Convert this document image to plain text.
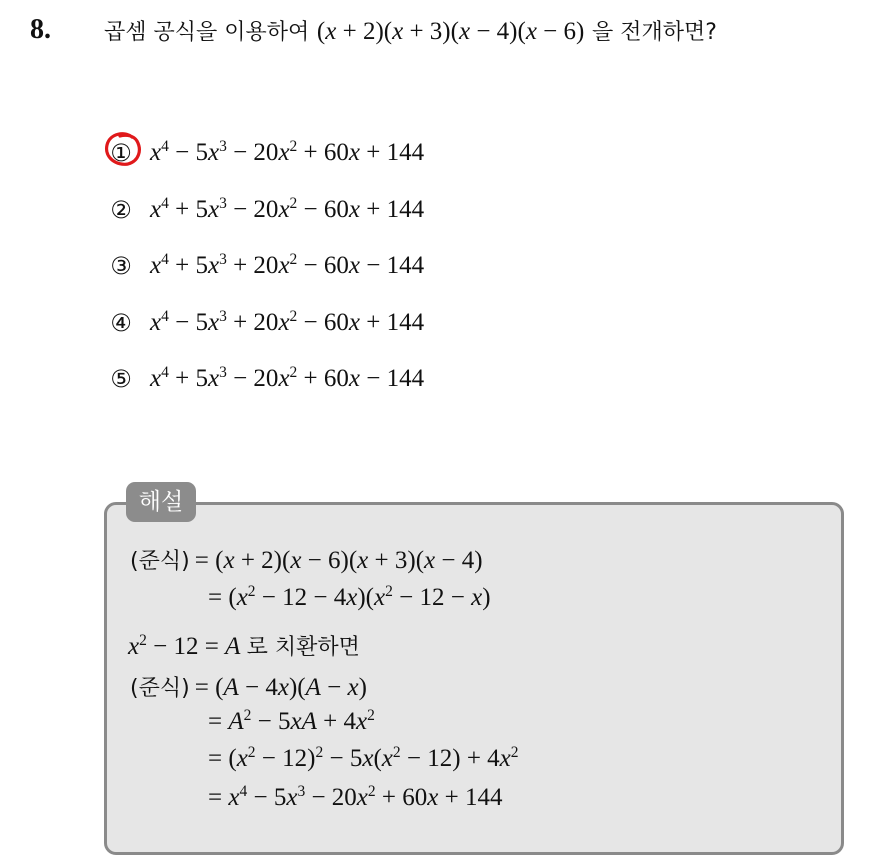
8. 곱셈 공식을 이용하여 (x + 2)(x + 3)(x − 4)(x − 6) 을 전개하면?
① $x^4 - 5x^3 - 20x^2 + 60x + 144$
② $x^4 + 5x^3 - 20x^2 - 60x + 144$
③ $x^4 + 5x^3 + 20x^2 - 60x - 144$
④ $x^4 - 5x^3 + 20x^2 - 60x + 144$
⑤ $x^4 + 5x^3 - 20x^2 + 60x - 144$
해설
(준식) = (x + 2)(x − 6)(x + 3)(x − 4)
= $(x^2 - 12 - 4x)(x^2 - 12 - x)$
$x^2 - 12 = A$ 로 치환하면
(준식) = (A − 4x)(A − x)
= $A^2 - 5xA + 4x^2$
= $(x^2 - 12)^2 - 5x(x^2 - 12) + 4x^2$
= $x^4 - 5x^3 - 20x^2 + 60x + 144$
